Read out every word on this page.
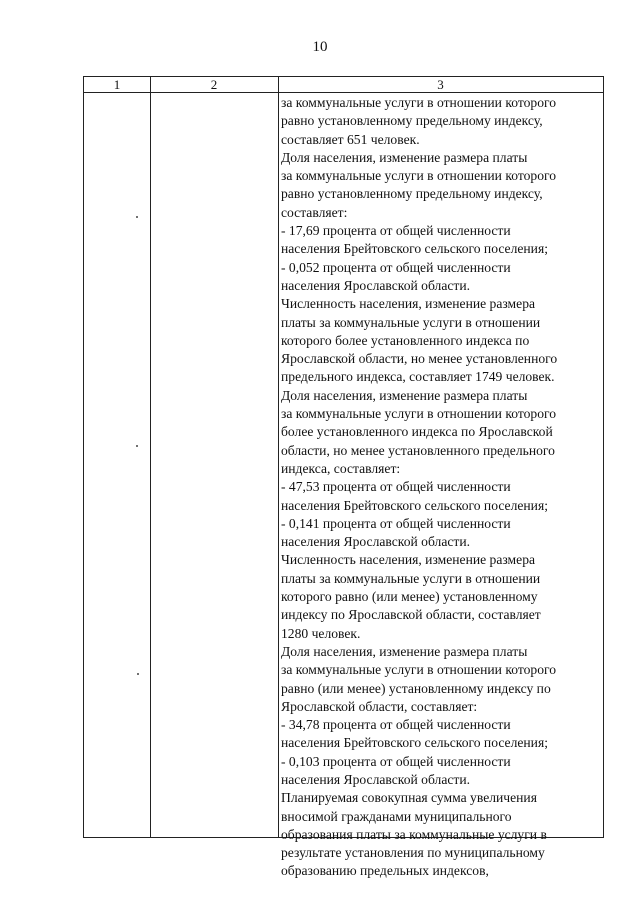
10
1	2	3
за коммунальные услуги в отношении которого
равно установленному предельному индексу,
составляет 651 человек.
Доля населения, изменение размера платы
за коммунальные услуги в отношении которого
равно установленному предельному индексу,
составляет:
- 17,69 процента от общей численности
населения Брейтовского сельского поселения;
- 0,052 процента от общей численности
населения Ярославской области.
Численность населения, изменение размера
платы за коммунальные услуги в отношении
которого более установленного индекса по
Ярославской области, но менее установленного
предельного индекса, составляет 1749 человек.
Доля населения, изменение размера платы
за коммунальные услуги в отношении которого
более установленного индекса по Ярославской
области, но менее установленного предельного
индекса, составляет:
- 47,53 процента от общей численности
населения Брейтовского сельского поселения;
- 0,141 процента от общей численности
населения Ярославской области.
Численность населения, изменение размера
платы за коммунальные услуги в отношении
которого равно (или менее) установленному
индексу по Ярославской области, составляет
1280 человек.
Доля населения, изменение размера платы
за коммунальные услуги в отношении которого
равно (или менее) установленному индексу по
Ярославской области, составляет:
- 34,78 процента от общей численности
населения Брейтовского сельского поселения;
- 0,103 процента от общей численности
населения Ярославской области.
Планируемая совокупная сумма увеличения
вносимой гражданами муниципального
образования платы за коммунальные услуги в
результате установления по муниципальному
образованию предельных индексов,
